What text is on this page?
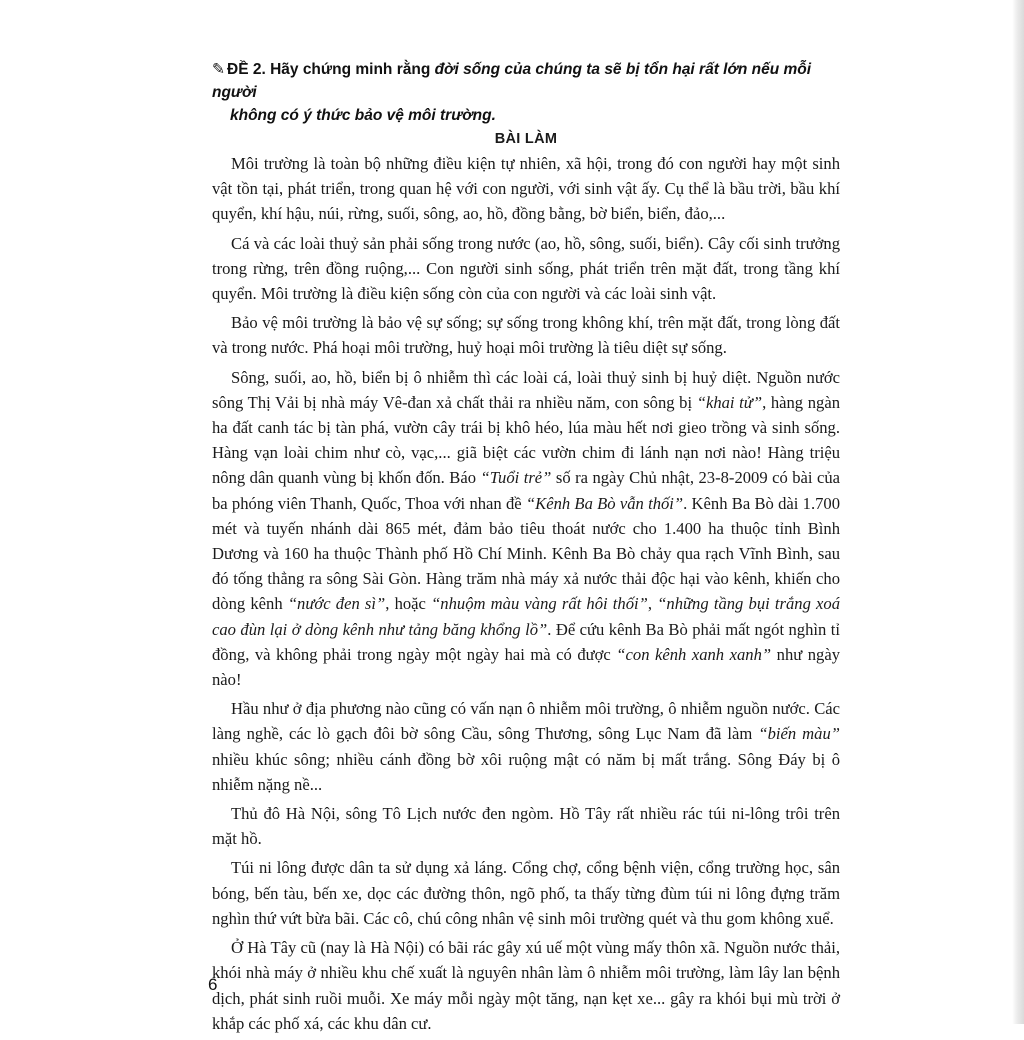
✎ ĐỀ 2. Hãy chứng minh rằng đời sống của chúng ta sẽ bị tổn hại rất lớn nếu mỗi người
không có ý thức bảo vệ môi trường.

BÀI LÀM

Môi trường là toàn bộ những điều kiện tự nhiên, xã hội, trong đó con người hay một sinh vật tồn tại, phát triển, trong quan hệ với con người, với sinh vật ấy. Cụ thể là bầu trời, bầu khí quyển, khí hậu, núi, rừng, suối, sông, ao, hồ, đồng bằng, bờ biển, biển, đảo,...

Cá và các loài thuỷ sản phải sống trong nước (ao, hồ, sông, suối, biển). Cây cối sinh trưởng trong rừng, trên đồng ruộng,... Con người sinh sống, phát triển trên mặt đất, trong tầng khí quyển. Môi trường là điều kiện sống còn của con người và các loài sinh vật.

Bảo vệ môi trường là bảo vệ sự sống; sự sống trong không khí, trên mặt đất, trong lòng đất và trong nước. Phá hoại môi trường, huỷ hoại môi trường là tiêu diệt sự sống.

Sông, suối, ao, hồ, biển bị ô nhiễm thì các loài cá, loài thuỷ sinh bị huỷ diệt. Nguồn nước sông Thị Vải bị nhà máy Vê-đan xả chất thải ra nhiều năm, con sông bị “khai tử”, hàng ngàn ha đất canh tác bị tàn phá, vườn cây trái bị khô héo, lúa màu hết nơi gieo trồng và sinh sống. Hàng vạn loài chim như cò, vạc,... giã biệt các vườn chim đi lánh nạn nơi nào! Hàng triệu nông dân quanh vùng bị khốn đốn. Báo “Tuổi trẻ” số ra ngày Chủ nhật, 23-8-2009 có bài của ba phóng viên Thanh, Quốc, Thoa với nhan đề “Kênh Ba Bò vẫn thối”. Kênh Ba Bò dài 1.700 mét và tuyến nhánh dài 865 mét, đảm bảo tiêu thoát nước cho 1.400 ha thuộc tỉnh Bình Dương và 160 ha thuộc Thành phố Hồ Chí Minh. Kênh Ba Bò chảy qua rạch Vĩnh Bình, sau đó tống thẳng ra sông Sài Gòn. Hàng trăm nhà máy xả nước thải độc hại vào kênh, khiến cho dòng kênh “nước đen sì”, hoặc “nhuộm màu vàng rất hôi thối”, “những tầng bụi trắng xoá cao đùn lại ở dòng kênh như tảng băng khổng lồ”. Để cứu kênh Ba Bò phải mất ngót nghìn tỉ đồng, và không phải trong ngày một ngày hai mà có được “con kênh xanh xanh” như ngày nào!

Hầu như ở địa phương nào cũng có vấn nạn ô nhiễm môi trường, ô nhiễm nguồn nước. Các làng nghề, các lò gạch đôi bờ sông Cầu, sông Thương, sông Lục Nam đã làm “biến màu” nhiều khúc sông; nhiều cánh đồng bờ xôi ruộng mật có năm bị mất trắng. Sông Đáy bị ô nhiễm nặng nề...

Thủ đô Hà Nội, sông Tô Lịch nước đen ngòm. Hồ Tây rất nhiều rác túi ni-lông trôi trên mặt hồ.

Túi ni lông được dân ta sử dụng xả láng. Cổng chợ, cổng bệnh viện, cổng trường học, sân bóng, bến tàu, bến xe, dọc các đường thôn, ngõ phố, ta thấy từng đùm túi ni lông đựng trăm nghìn thứ vứt bừa bãi. Các cô, chú công nhân vệ sinh môi trường quét và thu gom không xuể.

Ở Hà Tây cũ (nay là Hà Nội) có bãi rác gây xú uế một vùng mấy thôn xã. Nguồn nước thải, khói nhà máy ở nhiều khu chế xuất là nguyên nhân làm ô nhiễm môi trường, làm lây lan bệnh dịch, phát sinh ruồi muỗi. Xe máy mỗi ngày một tăng, nạn kẹt xe... gây ra khói bụi mù trời ở khắp các phố xá, các khu dân cư.

6
